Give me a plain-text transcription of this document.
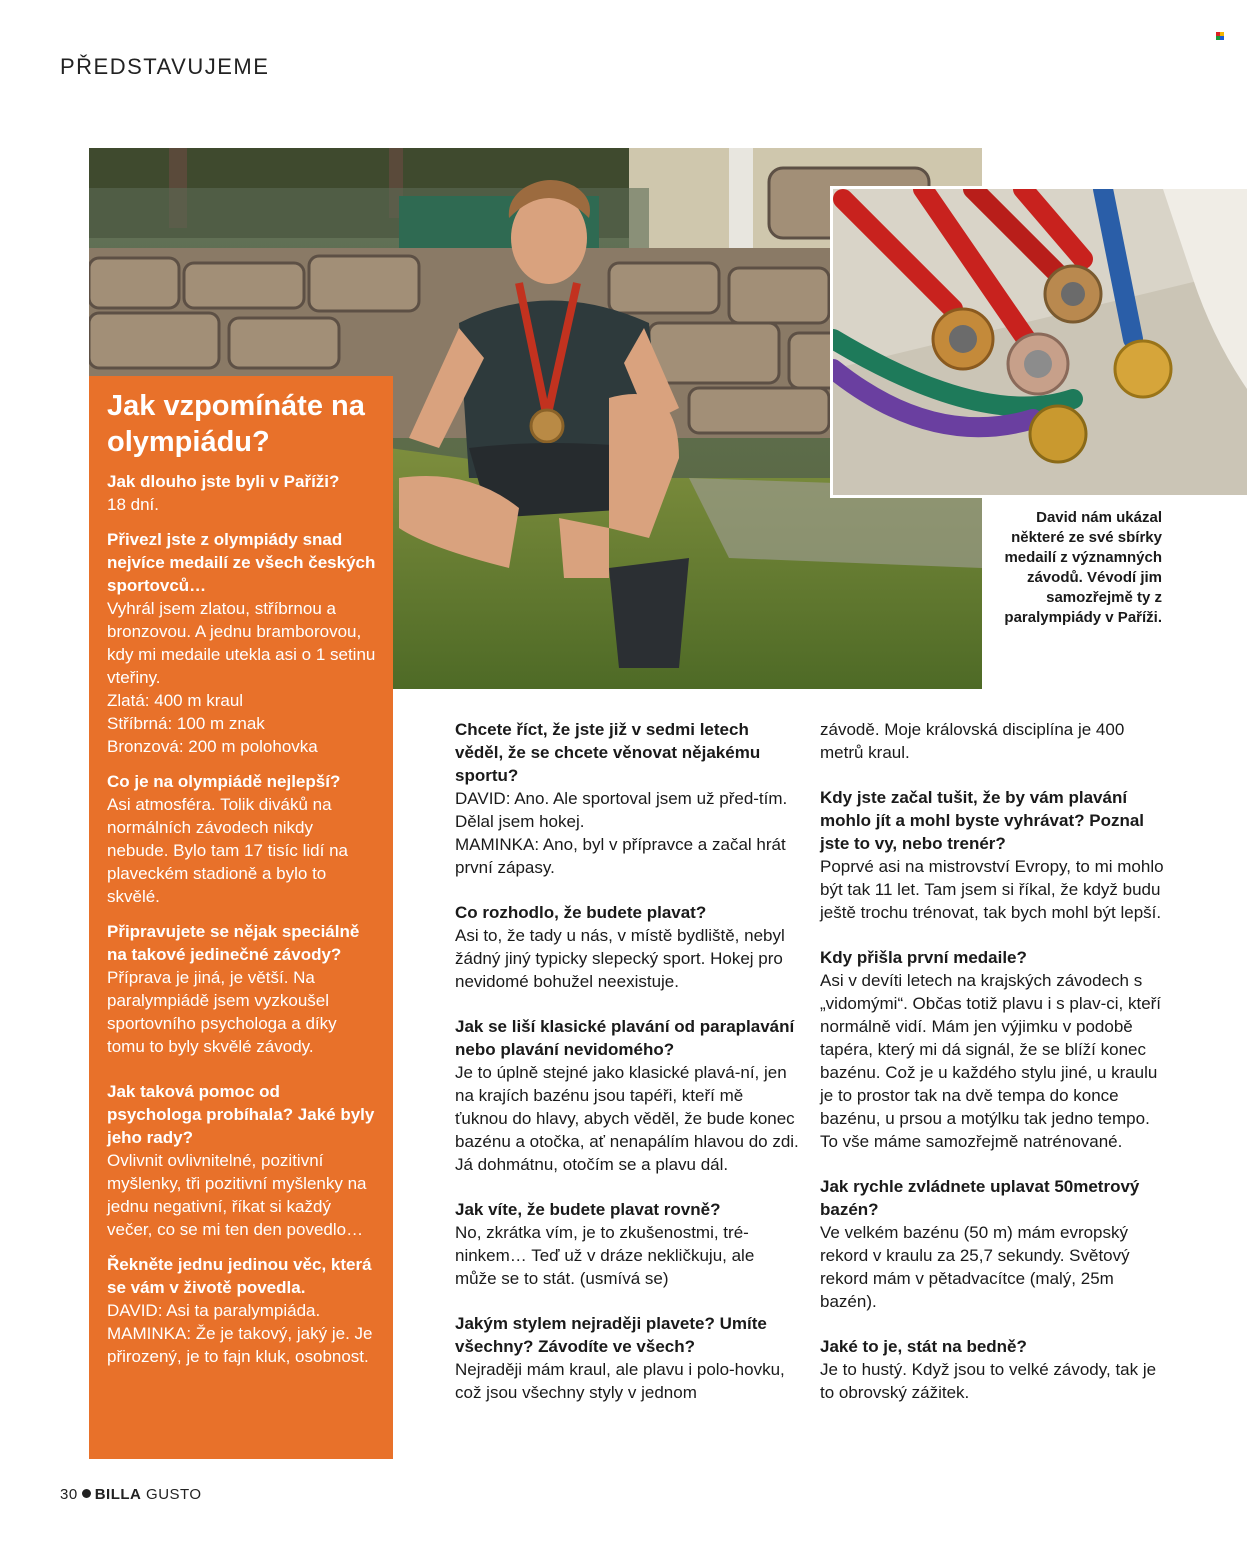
PŘEDSTAVUJEME
David nám ukázal některé ze své sbírky medailí z významných závodů. Vévodí jim samozřejmě ty z paralympiády v Paříži.
Jak vzpomínáte na olympiádu?
Jak dlouho jste byli v Paříži?
18 dní.
Přivezl jste z olympiády snad nejvíce medailí ze všech českých sportovců…
Vyhrál jsem zlatou, stříbrnou a bronzovou. A jednu bramborovou, kdy mi medaile utekla asi o 1 setinu vteřiny.
Zlatá: 400 m kraul
Stříbrná: 100 m znak
Bronzová: 200 m polohovka
Co je na olympiádě nejlepší?
Asi atmosféra. Tolik diváků na normálních závodech nikdy nebude. Bylo tam 17 tisíc lidí na plaveckém stadioně a bylo to skvělé.
Připravujete se nějak speciálně na takové jedinečné závody?
Příprava je jiná, je větší. Na paralympiádě jsem vyzkoušel sportovního psychologa a díky tomu to byly skvělé závody.
Jak taková pomoc od psychologa probíhala? Jaké byly jeho rady?
Ovlivnit ovlivnitelné, pozitivní myšlenky, tři pozitivní myšlenky na jednu negativní, říkat si každý večer, co se mi ten den povedlo…
Řekněte jednu jedinou věc, která se vám v životě povedla.
DAVID: Asi ta paralympiáda.
MAMINKA: Že je takový, jaký je. Je přirozený, je to fajn kluk, osobnost.
Chcete říct, že jste již v sedmi letech věděl, že se chcete věnovat nějakému sportu?
DAVID: Ano. Ale sportoval jsem už před-tím. Dělal jsem hokej.
MAMINKA: Ano, byl v přípravce a začal hrát první zápasy.
Co rozhodlo, že budete plavat?
Asi to, že tady u nás, v místě bydliště, nebyl žádný jiný typicky slepecký sport. Hokej pro nevidomé bohužel neexistuje.
Jak se liší klasické plavání od paraplavání nebo plavání nevidomého?
Je to úplně stejné jako klasické plavá-ní, jen na krajích bazénu jsou tapéři, kteří mě ťuknou do hlavy, abych věděl, že bude konec bazénu a otočka, ať nenapálím hlavou do zdi. Já dohmátnu, otočím se a plavu dál.
Jak víte, že budete plavat rovně?
No, zkrátka vím, je to zkušenostmi, tré-ninkem… Teď už v dráze nekličkuju, ale může se to stát. (usmívá se)
Jakým stylem nejraději plavete? Umíte všechny? Závodíte ve všech?
Nejraději mám kraul, ale plavu i polo-hovku, což jsou všechny styly v jednom
závodě. Moje královská disciplína je 400 metrů kraul.
Kdy jste začal tušit, že by vám plavání mohlo jít a mohl byste vyhrávat? Poznal jste to vy, nebo trenér?
Poprvé asi na mistrovství Evropy, to mi mohlo být tak 11 let. Tam jsem si říkal, že když budu ještě trochu trénovat, tak bych mohl být lepší.
Kdy přišla první medaile?
Asi v devíti letech na krajských závodech s „vidomými“. Občas totiž plavu i s plav-ci, kteří normálně vidí. Mám jen výjimku v podobě tapéra, který mi dá signál, že se blíží konec bazénu. Což je u každého stylu jiné, u kraulu je to prostor tak na dvě tempa do konce bazénu, u prsou a motýlku tak jedno tempo. To vše máme samozřejmě natrénované.
Jak rychle zvládnete uplavat 50metrový bazén?
Ve velkém bazénu (50 m) mám evropský rekord v kraulu za 25,7 sekundy. Světový rekord mám v pětadvacítce (malý, 25m bazén).
Jaké to je, stát na bedně?
Je to hustý. Když jsou to velké závody, tak je to obrovský zážitek.
30 BILLA GUSTO
